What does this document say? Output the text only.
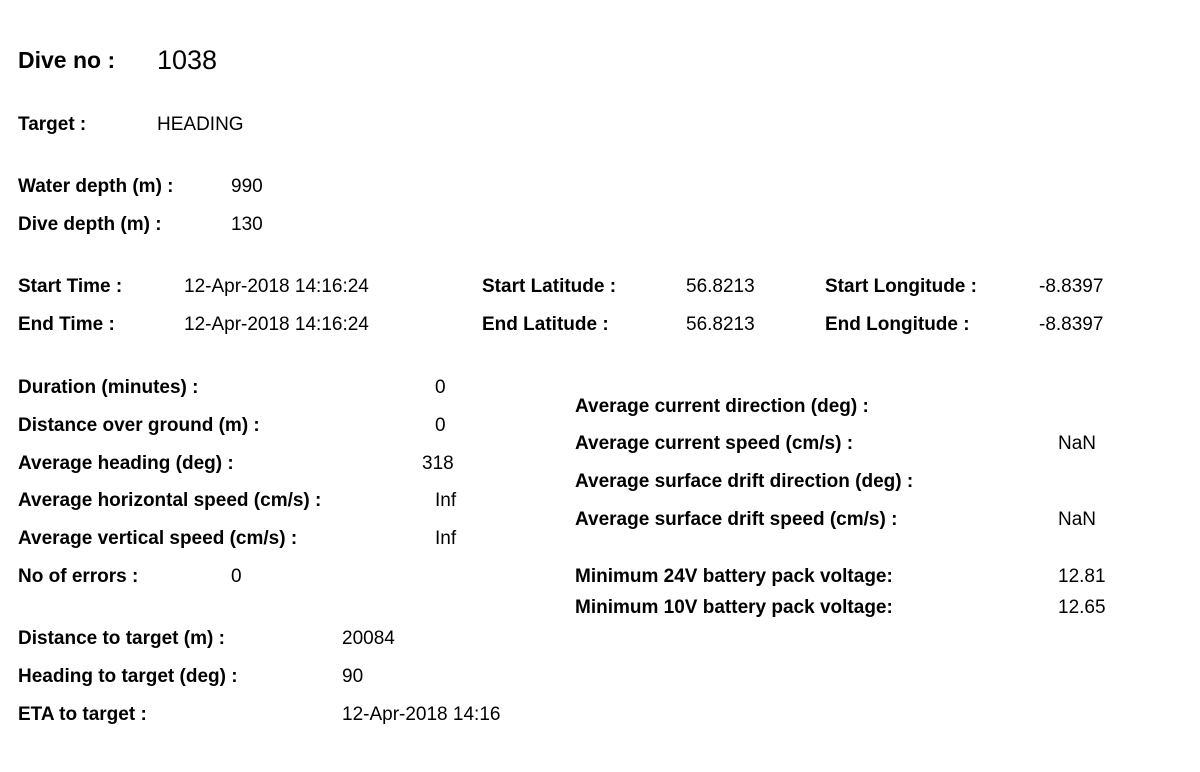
Dive no : 1038
Target :	HEADING
Water depth (m) :	990
Dive depth (m) :	130
Start Time :	12-Apr-2018 14:16:24	Start Latitude :	56.8213	Start Longitude :	-8.8397
End Time :	12-Apr-2018 14:16:24	End Latitude :	56.8213	End Longitude :	-8.8397
Duration (minutes) :	0
Distance over ground (m) :	0
Average heading (deg) :	318
Average horizontal speed (cm/s) :	Inf
Average vertical speed (cm/s) :	Inf
No of errors :	0
Average current direction (deg) :
Average current speed (cm/s) :	NaN
Average surface drift direction (deg) :
Average surface drift speed (cm/s) :	NaN
Minimum 24V battery pack voltage:	12.81
Minimum 10V battery pack voltage:	12.65
Distance to target (m) :	20084
Heading to target (deg) :	90
ETA to target :	12-Apr-2018 14:16
